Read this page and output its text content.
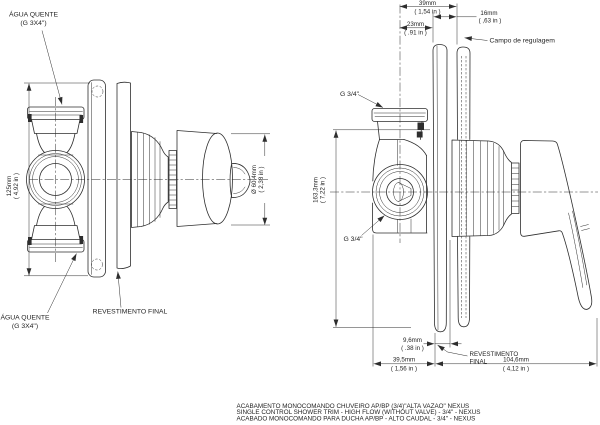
125mm( 4,92 in )	Ø 60,4mm( 2,38 in )
ÁGUA QUENTE
(G 3X4")
ÁGUA QUENTE
(G 3X4")
REVESTIMENTO FINAL
39mm
( 1,54 in )
23mm
( .91 in )
16mm
( ,63 in )
Campo de regulagem
163,3mm( 7,22 in )
G 3/4"
G 3/4"
9,6mm
( .38 in )
39,5mm
( 1,56 in )
104,6mm
( 4,12 in )
REVESTIMENTO
FINAL
ACABAMENTO MONOCOMANDO CHUVEIRO AP/BP (3/4)"ALTA VAZAO" NEXUS
SINGLE CONTROL SHOWER TRIM - HIGH FLOW (WITHOUT VALVE) - 3/4" - NEXUS
ACABADO MONOCOMANDO PARA DUCHA AP/BP - ALTO CAUDAL - 3/4" - NEXUS
